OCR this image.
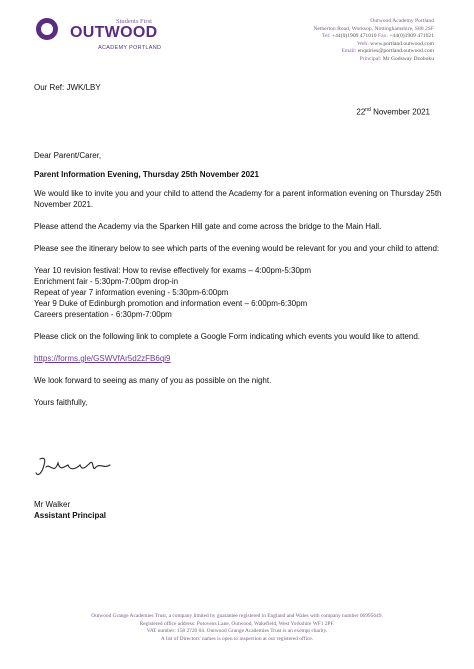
Students First
OUTWOOD
ACADEMY PORTLAND
Outwood Academy Portland
Netherton Road, Worksop, Nottinghamshire, S80 2SF
Tel: +44(0)1909 471010 Fax: +44(0)1909 471021
Web: www.portland.outwood.com
Email: enquiries@portland.outwood.com
Principal: Mr Godsway Dzoboku
Our Ref: JWK/LBY
22nd November 2021

Dear Parent/Carer,

Parent Information Evening, Thursday 25th November 2021

We would like to invite you and your child to attend the Academy for a parent information evening on Thursday 25th November 2021.

Please attend the Academy via the Sparken Hill gate and come across the bridge to the Main Hall.

Please see the itinerary below to see which parts of the evening would be relevant for you and your child to attend:

Year 10 revision festival: How to revise effectively for exams – 4:00pm-5:30pm

Enrichment fair - 5:30pm-7:00pm drop-in

Repeat of year 7 information evening - 5:30pm-6:00pm

Year 9 Duke of Edinburgh promotion and information event – 6:00pm-6:30pm

Careers presentation - 6:30pm-7:00pm

Please click on the following link to complete a Google Form indicating which events you would like to attend.

https://forms.gle/GSWVfAr5d2zFB6qi9

We look forward to seeing as many of you as possible on the night.

Yours faithfully,

Mr Walker
Assistant Principal
Outwood Grange Academies Trust, a company limited by guarantee registered in England and Wales with company number 06995649.
Registered office address: Potovens Lane, Outwood, Wakefield, West Yorkshire WF1 2PF.
VAT number: 158 2720 04. Outwood Grange Academies Trust is an exempt charity.
A list of Directors' names is open to inspection at our registered office.
